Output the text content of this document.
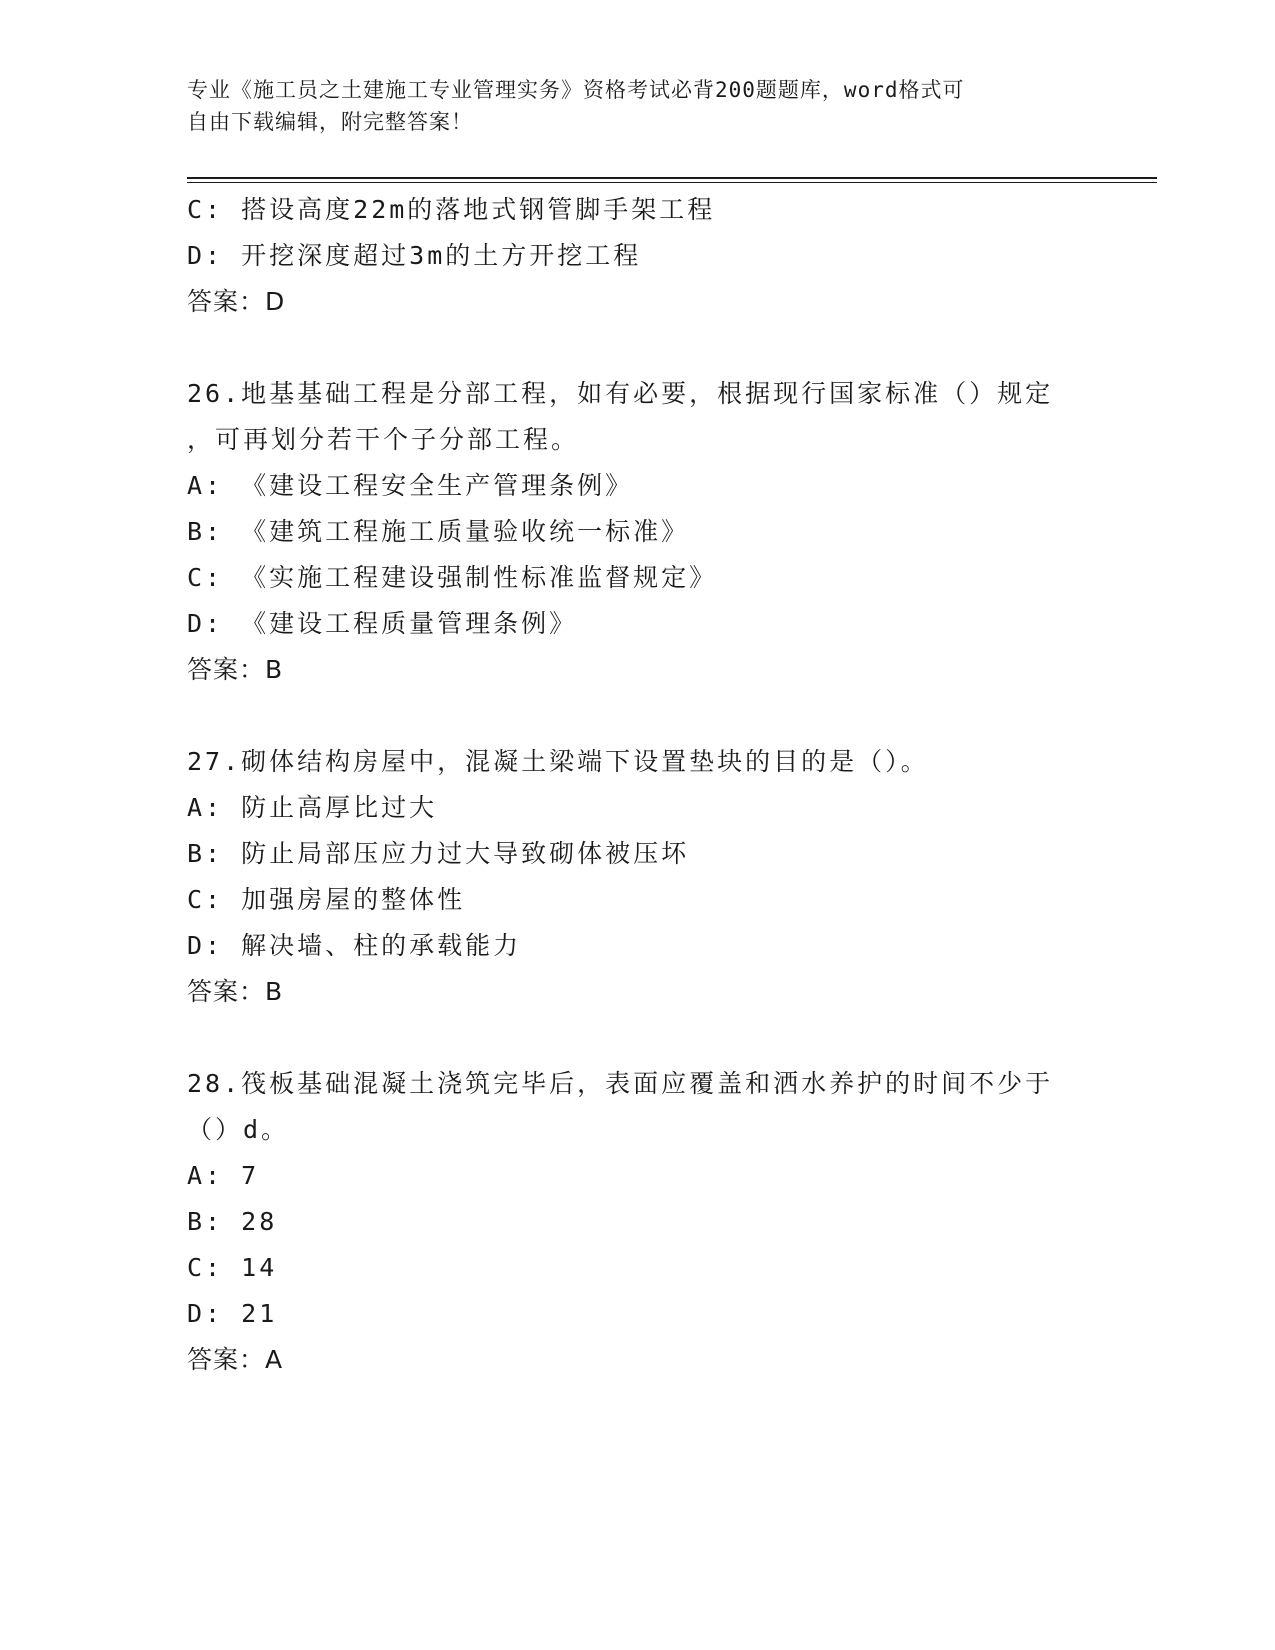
专业《施工员之土建施工专业管理实务》资格考试必背200题题库，word格式可
自由下载编辑，附完整答案！
C: 搭设高度22m的落地式钢管脚手架工程
D: 开挖深度超过3m的土方开挖工程
答案：D
26.地基基础工程是分部工程，如有必要，根据现行国家标准（）规定
，可再划分若干个子分部工程。
A: 《建设工程安全生产管理条例》
B: 《建筑工程施工质量验收统一标准》
C: 《实施工程建设强制性标准监督规定》
D: 《建设工程质量管理条例》
答案：B
27.砌体结构房屋中，混凝土梁端下设置垫块的目的是（）。
A: 防止高厚比过大
B: 防止局部压应力过大导致砌体被压坏
C: 加强房屋的整体性
D: 解决墙、柱的承载能力
答案：B
28.筏板基础混凝土浇筑完毕后，表面应覆盖和洒水养护的时间不少于
（）d。
A: 7
B: 28
C: 14
D: 21
答案：A
